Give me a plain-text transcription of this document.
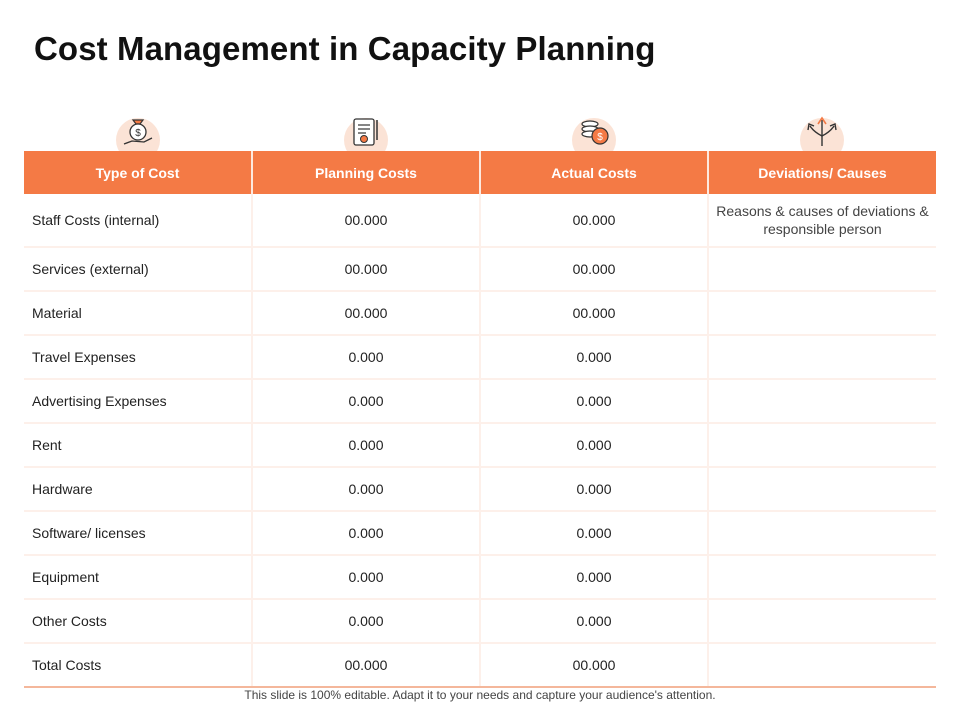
Cost Management in Capacity Planning
$	$
Type of Cost	Planning Costs	Actual Costs	Deviations/ Causes
Staff Costs (internal)	00.000	00.000	Reasons & causes of deviations & responsible person
Services (external)	00.000	00.000	
Material	00.000	00.000	
Travel Expenses	0.000	0.000	
Advertising Expenses	0.000	0.000	
Rent	0.000	0.000	
Hardware	0.000	0.000	
Software/ licenses	0.000	0.000	
Equipment	0.000	0.000	
Other Costs	0.000	0.000	
Total Costs	00.000	00.000	
This slide is 100% editable. Adapt it to your needs and capture your audience's attention.
